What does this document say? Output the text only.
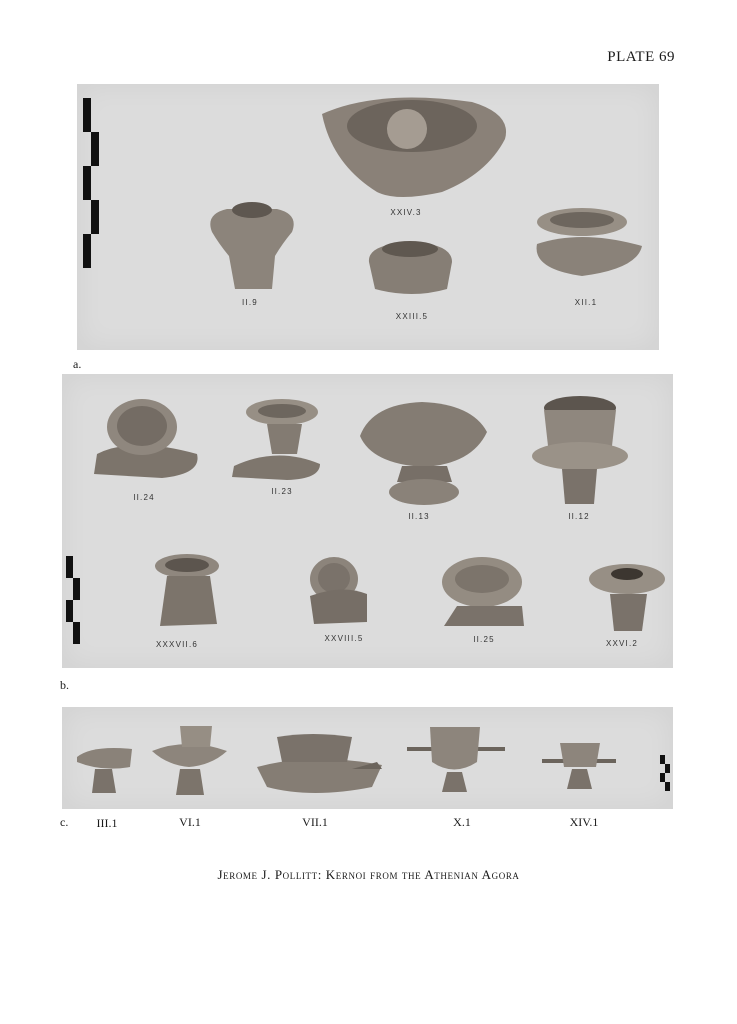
PLATE 69
XXIV.3
II.9
XXIII.5
XII.1
a.
II.24
II.23
II.13	II.12
XXXVII.6
XXVIII.5	II.25	XXVI.2
b.
c. III.1	VI.1	VII.1	X.1	XIV.1
Jerome J. Pollitt: Kernoi from the Athenian Agora
